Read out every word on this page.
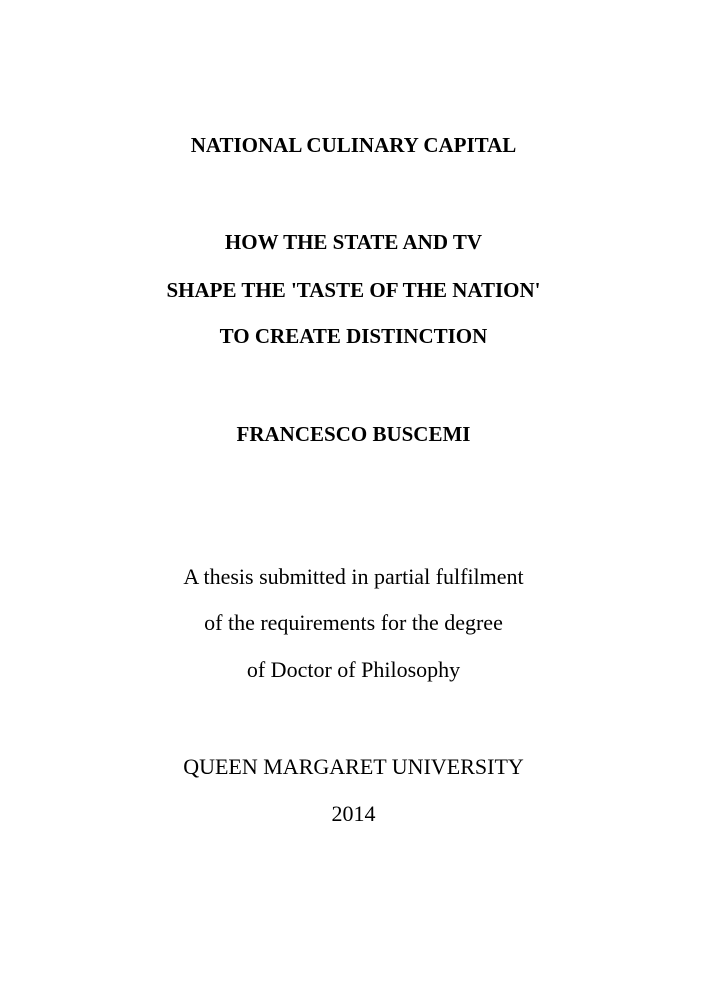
NATIONAL CULINARY CAPITAL
HOW THE STATE AND TV
SHAPE THE 'TASTE OF THE NATION'
TO CREATE DISTINCTION
FRANCESCO BUSCEMI
A thesis submitted in partial fulfilment
of the requirements for the degree
of Doctor of Philosophy
QUEEN MARGARET UNIVERSITY
2014
